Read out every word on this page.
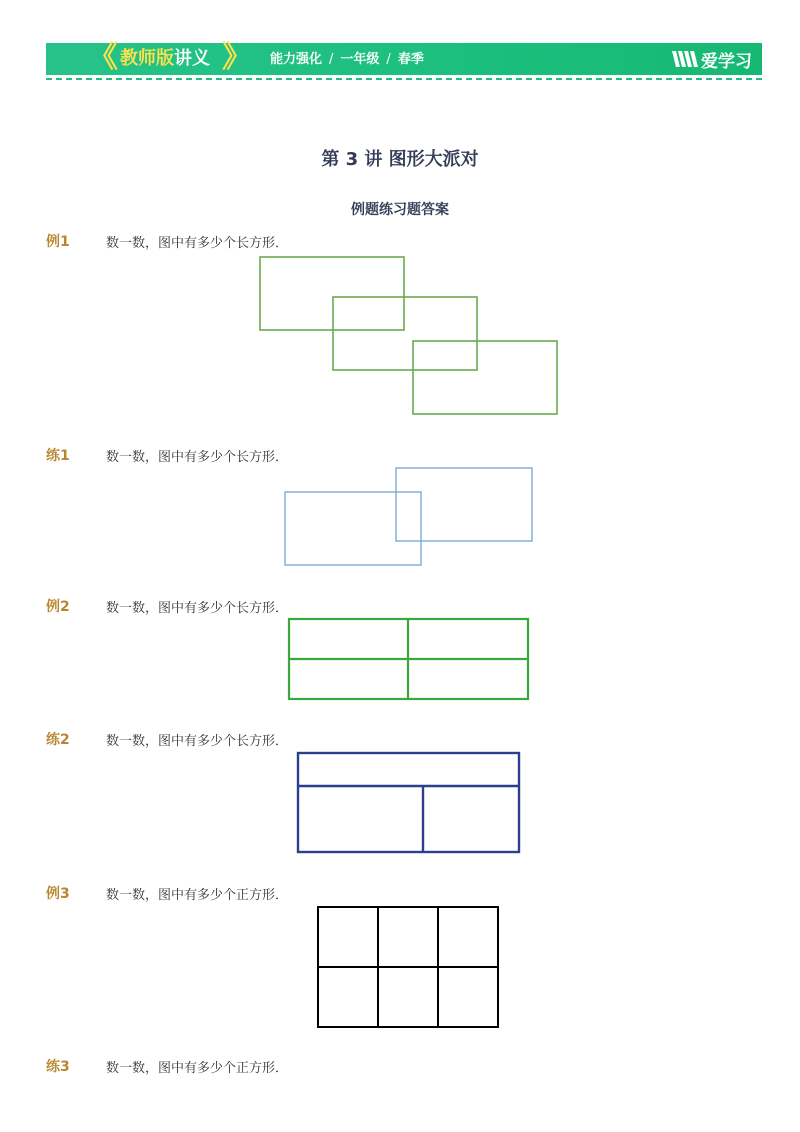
《 教师版讲义 》 能力强化 / 一年级 / 春季	爱学习
第 3 讲 图形大派对
例题练习题答案
例1	数一数，图中有多少个长方形．
练1	数一数，图中有多少个长方形．
例2	数一数，图中有多少个长方形．
练2	数一数，图中有多少个长方形．
例3	数一数，图中有多少个正方形．
练3	数一数，图中有多少个正方形．
